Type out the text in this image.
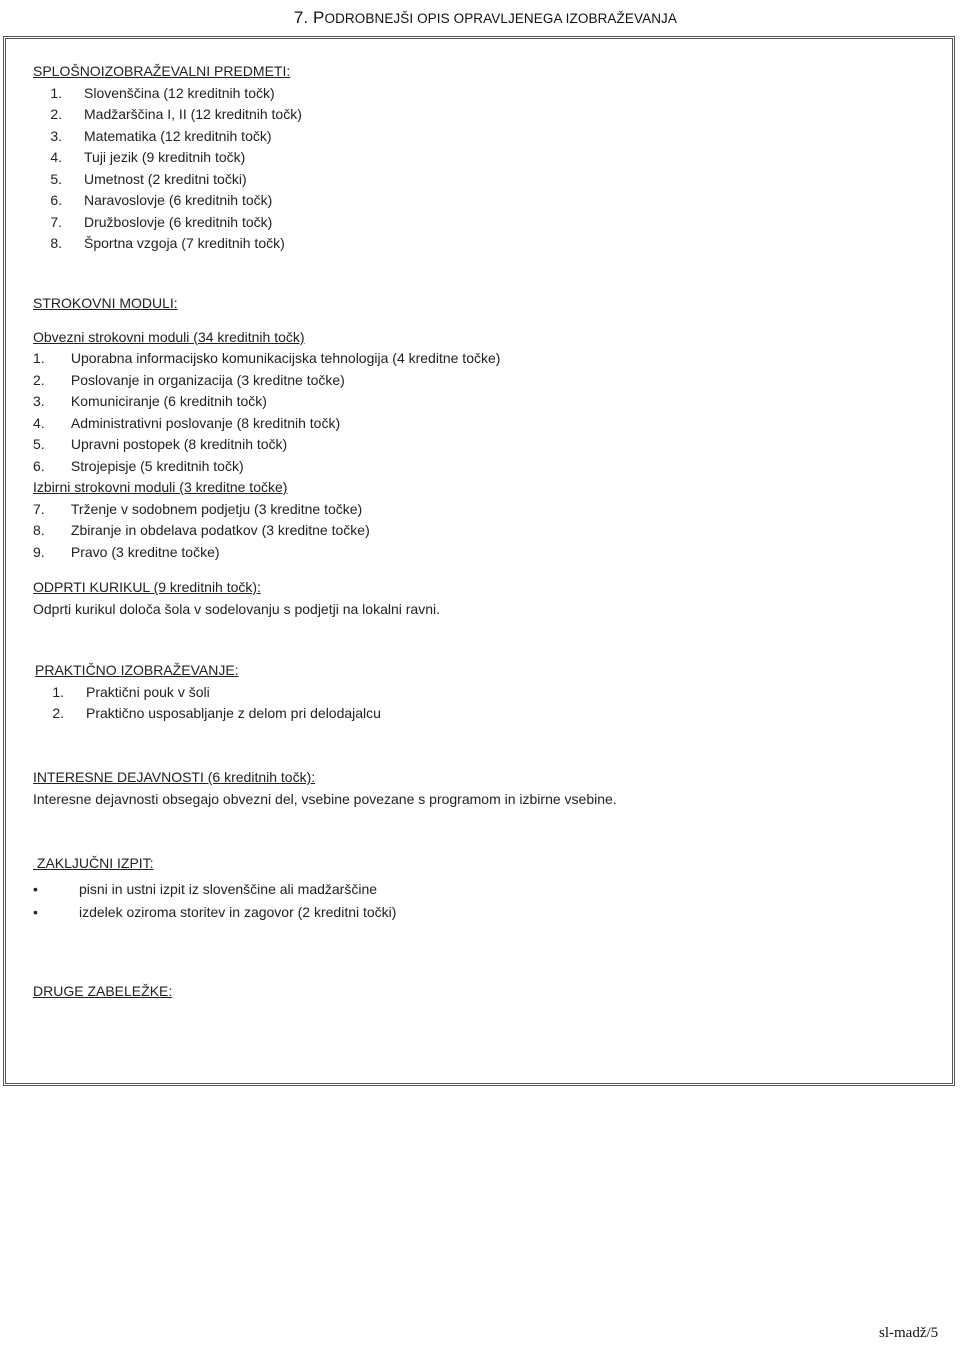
7. PODROBNEJŠI OPIS OPRAVLJENEGA IZOBRAŽEVANJA
SPLOŠNOIZOBRAŽEVALNI PREDMETI:
1. Slovenščina (12 kreditnih točk)
2. Madžarščina I, II (12 kreditnih točk)
3. Matematika (12 kreditnih točk)
4. Tuji jezik (9 kreditnih točk)
5. Umetnost (2 kreditni točki)
6. Naravoslovje (6 kreditnih točk)
7. Družboslovje (6 kreditnih točk)
8. Športna vzgoja (7 kreditnih točk)
STROKOVNI MODULI:
Obvezni strokovni moduli (34 kreditnih točk)
1. Uporabna informacijsko komunikacijska tehnologija (4 kreditne točke)
2. Poslovanje in organizacija (3 kreditne točke)
3. Komuniciranje (6 kreditnih točk)
4. Administrativni poslovanje (8 kreditnih točk)
5. Upravni postopek (8 kreditnih točk)
6. Strojepisje (5 kreditnih točk)
Izbirni strokovni moduli (3 kreditne točke)
7. Trženje v sodobnem podjetju (3 kreditne točke)
8. Zbiranje in obdelava podatkov (3 kreditne točke)
9. Pravo (3 kreditne točke)
ODPRTI KURIKUL (9 kreditnih točk):
Odprti kurikul določa šola v sodelovanju s podjetji na lokalni ravni.
PRAKTIČNO IZOBRAŽEVANJE:
1. Praktični pouk v šoli
2. Praktično usposabljanje z delom pri delodajalcu
INTERESNE DEJAVNOSTI (6 kreditnih točk):
Interesne dejavnosti obsegajo obvezni del, vsebine povezane s programom in izbirne vsebine.
ZAKLJUČNI IZPIT:
•	pisni in ustni izpit iz slovenščine ali madžarščine
•	izdelek oziroma storitev in zagovor (2 kreditni točki)
DRUGE ZABELEŽKE:
sl-madž/5
